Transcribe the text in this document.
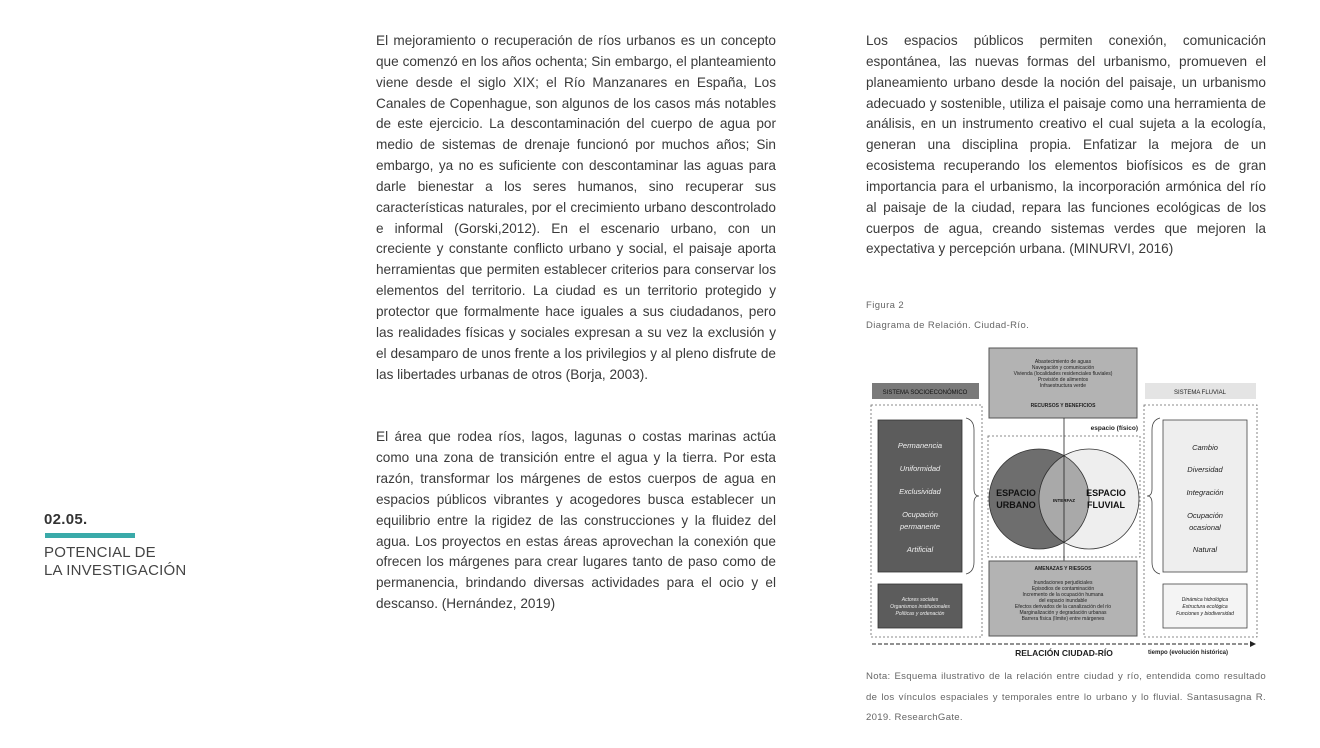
El mejoramiento o recuperación de ríos urbanos es un concepto que comenzó en los años ochenta; Sin embargo, el planteamiento viene desde el siglo XIX; el Río Manzanares en España, Los Canales de Copenhague, son algunos de los casos más notables de este ejercicio. La descontaminación del cuerpo de agua por medio de sistemas de drenaje funcionó por muchos años; Sin embargo, ya no es suficiente con descontaminar las aguas para darle bienestar a los seres humanos, sino recuperar sus características naturales, por el crecimiento urbano descontrolado e informal (Gorski,2012). En el escenario urbano, con un creciente y constante conflicto urbano y social, el paisaje aporta herramientas que permiten establecer criterios para conservar los elementos del territorio. La ciudad es un territorio protegido y protector que formalmente hace iguales a sus ciudadanos, pero las realidades físicas y sociales expresan a su vez la exclusión y el desamparo de unos frente a los privilegios y al pleno disfrute de las libertades urbanas de otros (Borja, 2003).

El área que rodea ríos, lagos, lagunas o costas marinas actúa como una zona de transición entre el agua y la tierra. Por esta razón, transformar los márgenes de estos cuerpos de agua en espacios públicos vibrantes y acogedores busca establecer un equilibrio entre la rigidez de las construcciones y la fluidez del agua. Los proyectos en estas áreas aprovechan la conexión que ofrecen los márgenes para crear lugares tanto de paso como de permanencia, brindando diversas actividades para el ocio y el descanso. (Hernández, 2019)

Los espacios públicos permiten conexión, comunicación espontánea, las nuevas formas del urbanismo, promueven el planeamiento urbano desde la noción del paisaje, un urbanismo adecuado y sostenible, utiliza el paisaje como una herramienta de análisis, en un instrumento creativo el cual sujeta a la ecología, generan una disciplina propia. Enfatizar la mejora de un ecosistema recuperando los elementos biofísicos es de gran importancia para el urbanismo, la incorporación armónica del río al paisaje de la ciudad, repara las funciones ecológicas de los cuerpos de agua, creando sistemas verdes que mejoren la expectativa y percepción urbana. (MINURVI, 2016)

02.05.
POTENCIAL DE
LA INVESTIGACIÓN
Figura 2
Diagrama de Relación. Ciudad-Río.
Abastecimiento de aguas
Navegación y comunicación
Vivienda (localidades residenciales fluviales)
Provisión de alimentos
Infraestructura verde
RECURSOS Y BENEFICIOS
SISTEMA SOCIOECONÓMICO	SISTEMA FLUVIAL
espacio (físico)
Permanencia
Uniformidad
Exclusividad
Ocupación
permanente
Artificial
Cambio
Diversidad
Integración
Ocupación
ocasional
Natural
ESPACIO
URBANO
ESPACIO
FLUVIAL
INTERFAZ
AMENAZAS Y RIESGOS
Inundaciones perjudiciales
Episodios de contaminación
Incremento de la ocupación humana
del espacio inundable
Efectos derivados de la canalización del río
Marginalización y degradación urbanas
Barrera física (límite) entre márgenes
Actores sociales
Organismos institucionales
Políticas y ordenación
Dinámica hidrológica
Estructura ecológica
Funciones y biodiversidad
RELACIÓN CIUDAD-RÍO	tiempo (evolución histórica)
Nota: Esquema ilustrativo de la relación entre ciudad y río, entendida como resultado de los vínculos espaciales y temporales entre lo urbano y lo fluvial. Santasusagna R. 2019. ResearchGate.
